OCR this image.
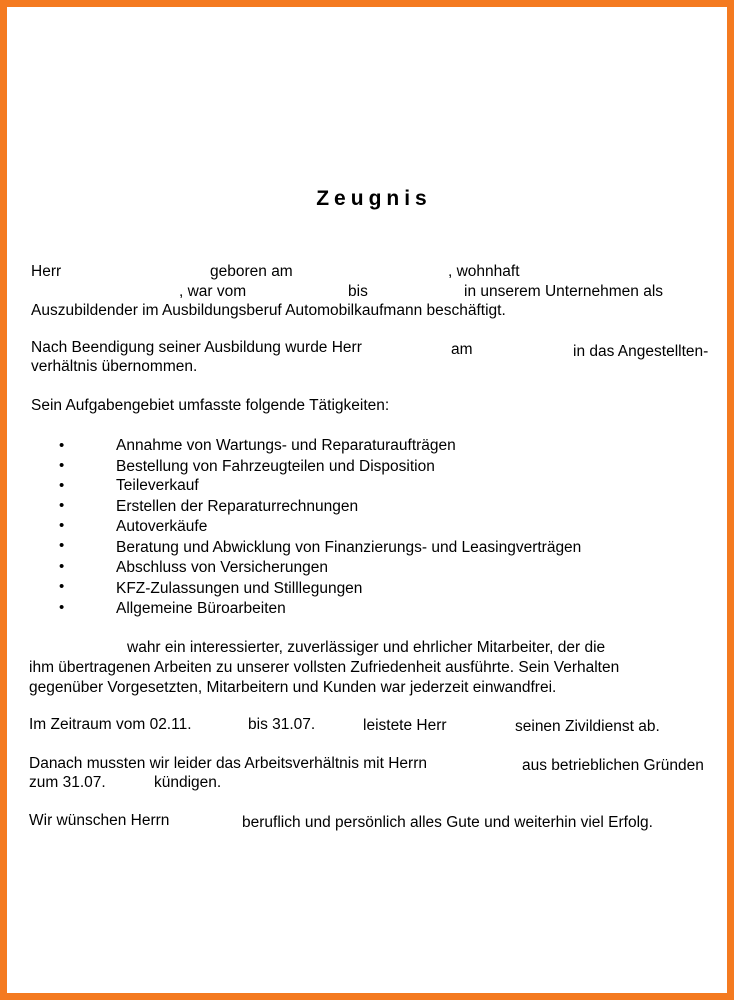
Zeugnis
Herr	geboren am	, wohnhaft
, war vom	bis	in unserem Unternehmen als
Auszubildender im Ausbildungsberuf Automobilkaufmann beschäftigt.
Nach Beendigung seiner Ausbildung wurde Herr	am	in das Angestellten-
verhältnis übernommen.
Sein Aufgabengebiet umfasste folgende Tätigkeiten:
•	Annahme von Wartungs- und Reparaturaufträgen
•	Bestellung von Fahrzeugteilen und Disposition
•	Teileverkauf
•	Erstellen der Reparaturrechnungen
•	Autoverkäufe
•	Beratung und Abwicklung von Finanzierungs- und Leasingverträgen
•	Abschluss von Versicherungen
•	KFZ-Zulassungen und Stilllegungen
•	Allgemeine Büroarbeiten
wahr ein interessierter, zuverlässiger und ehrlicher Mitarbeiter, der die
ihm übertragenen Arbeiten zu unserer vollsten Zufriedenheit ausführte. Sein Verhalten
gegenüber Vorgesetzten, Mitarbeitern und Kunden war jederzeit einwandfrei.
Im Zeitraum vom 02.11.	bis 31.07.	leistete Herr	seinen Zivildienst ab.
Danach mussten wir leider das Arbeitsverhältnis mit Herrn	aus betrieblichen Gründen
zum 31.07.	kündigen.
Wir wünschen Herrn	beruflich und persönlich alles Gute und weiterhin viel Erfolg.
